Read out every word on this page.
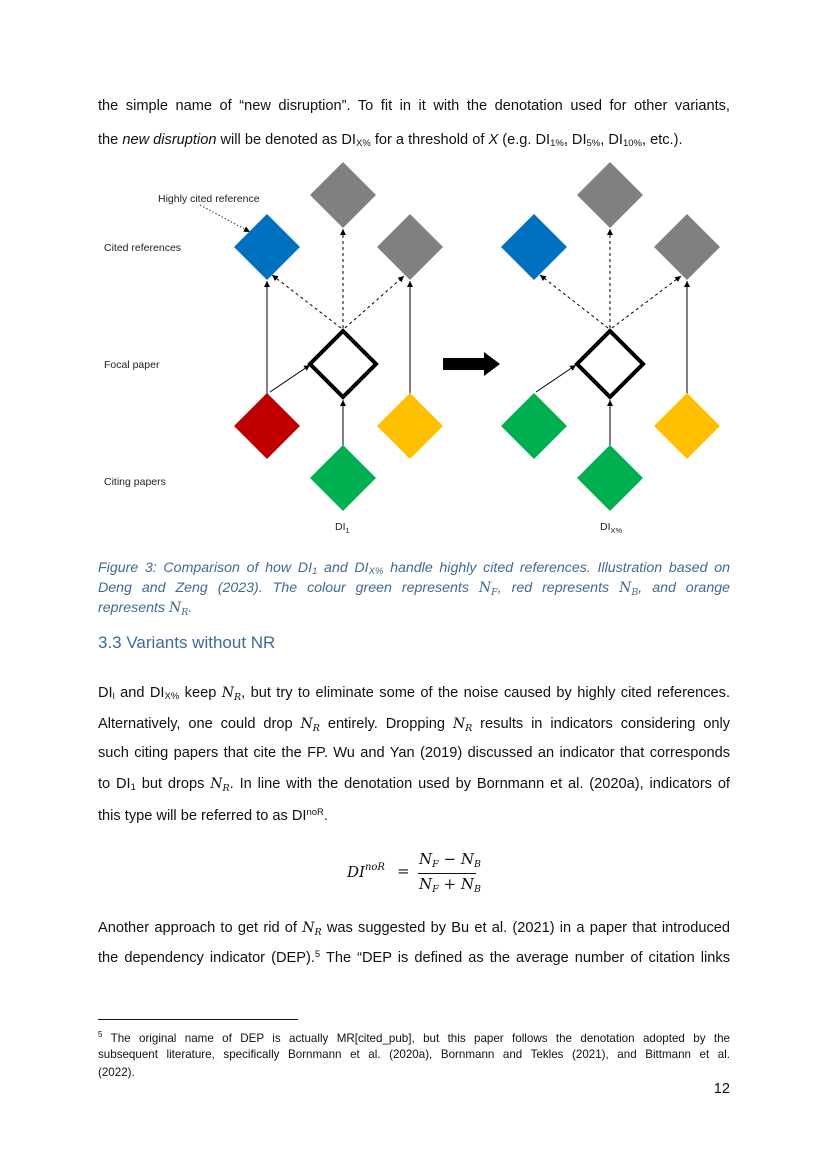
the simple name of “new disruption”. To fit in it with the denotation used for other variants,
the new disruption will be denoted as $DI_{X\%}$ for a threshold of X (e.g. $DI_{1\%}$, $DI_{5\%}$, $DI_{10\%}$, etc.).
Highly cited reference
Cited references
Focal paper
Citing papers
$DI_1$	$DI_{X\%}$
Figure 3: Comparison of how $DI_1$ and $DI_{X\%}$ handle highly cited references. Illustration based on
Deng and Zeng (2023). The colour green represents $N_F$, red represents $N_B$, and orange
represents $N_R$.
3.3 Variants without NR
$DI_l$ and $DI_{X\%}$ keep $N_R$, but try to eliminate some of the noise caused by highly cited references.
Alternatively, one could drop $N_R$ entirely. Dropping $N_R$ results in indicators considering only
such citing papers that cite the FP. Wu and Yan (2019) discussed an indicator that corresponds
to $DI_1$ but drops $N_R$. In line with the denotation used by Bornmann et al. (2020a), indicators of
this type will be referred to as $DI^{noR}$.
$DI^{noR}$ =
$N_F - N_B$
$N_F + N_B$
Another approach to get rid of $N_R$ was suggested by Bu et al. (2021) in a paper that introduced
the dependency indicator (DEP).$^5$ The “DEP is defined as the average number of citation links
$^5$ The original name of DEP is actually MR[cited_pub], but this paper follows the denotation adopted by the
subsequent literature, specifically Bornmann et al. (2020a), Bornmann and Tekles (2021), and Bittmann et al.
(2022).
12
